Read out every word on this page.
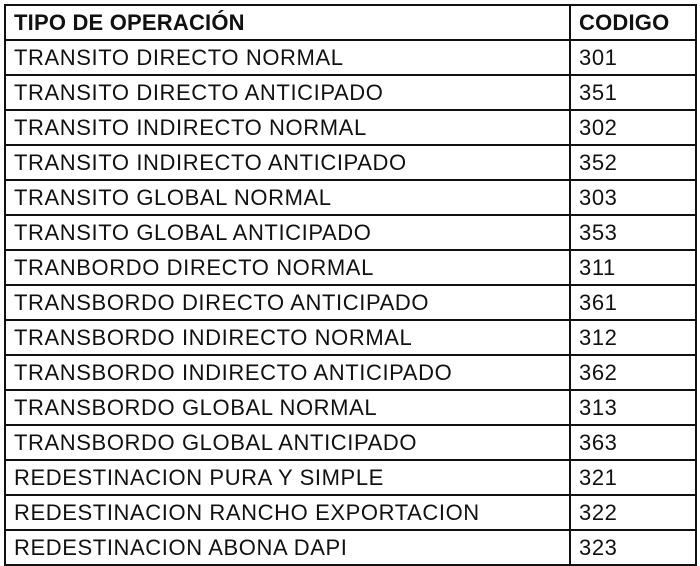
TIPO DE OPERACIÓN	CODIGO
TRANSITO DIRECTO NORMAL	301
TRANSITO DIRECTO ANTICIPADO	351
TRANSITO INDIRECTO NORMAL	302
TRANSITO INDIRECTO ANTICIPADO	352
TRANSITO GLOBAL NORMAL	303
TRANSITO GLOBAL ANTICIPADO	353
TRANBORDO DIRECTO NORMAL	311
TRANSBORDO DIRECTO ANTICIPADO	361
TRANSBORDO INDIRECTO NORMAL	312
TRANSBORDO INDIRECTO ANTICIPADO	362
TRANSBORDO GLOBAL NORMAL	313
TRANSBORDO GLOBAL ANTICIPADO	363
REDESTINACION PURA Y SIMPLE	321
REDESTINACION RANCHO EXPORTACION	322
REDESTINACION ABONA DAPI	323
